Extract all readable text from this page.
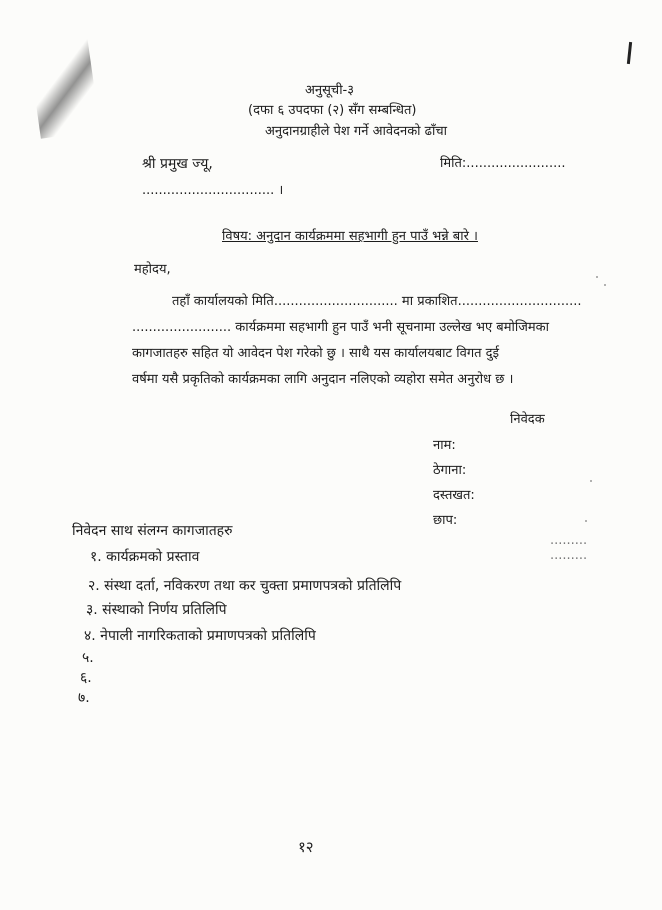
अनुसूची-३
(दफा ६ उपदफा (२) सँग सम्बन्धित)
अनुदानग्राहीले पेश गर्ने आवेदनको ढाँचा
श्री प्रमुख ज्यू,	मिति:........................
................................ ।
विषय: अनुदान कार्यक्रममा सहभागी हुन पाउँ भन्ने बारे ।
महोदय,
तहाँ कार्यालयको मिति.............................. मा प्रकाशित..............................
........................ कार्यक्रममा सहभागी हुन पाउँ भनी सूचनामा उल्लेख भए बमोजिमका
कागजातहरु सहित यो आवेदन पेश गरेको छु । साथै यस कार्यालयबाट विगत दुई
वर्षमा यसै प्रकृतिको कार्यक्रमका लागि अनुदान नलिएको व्यहोरा समेत अनुरोध छ ।
निवेदक
नाम:
ठेगाना:
दस्तखत:
छाप:
.........
.........
निवेदन साथ संलग्न कागजातहरु
१. कार्यक्रमको प्रस्ताव
२. संस्था दर्ता, नविकरण तथा कर चुक्ता प्रमाणपत्रको प्रतिलिपि
३. संस्थाको निर्णय प्रतिलिपि
४. नेपाली नागरिकताको प्रमाणपत्रको प्रतिलिपि
५.
६.
७.
१२
